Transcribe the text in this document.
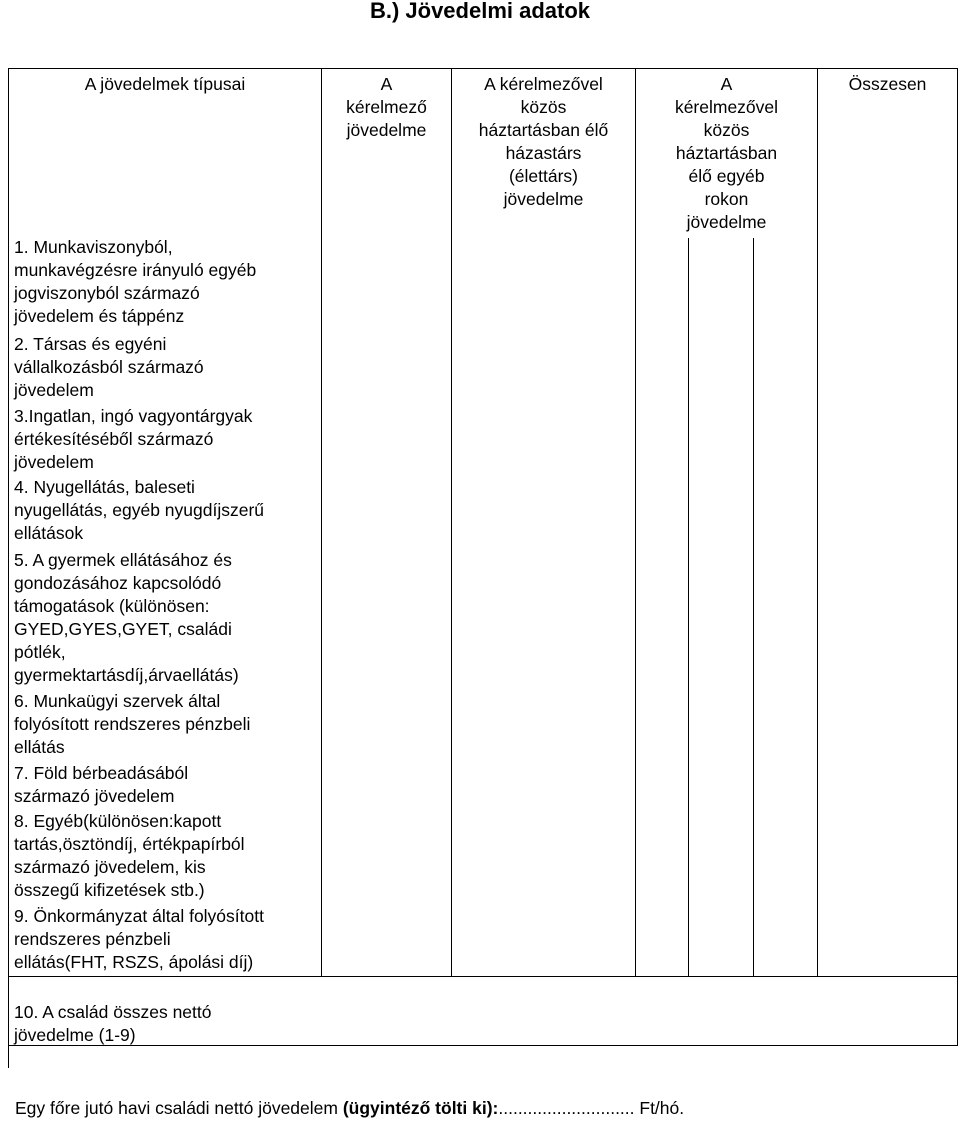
B.) Jövedelmi adatok
A jövedelmek típusai	A
kérelmező
jövedelme
A kérelmezővel
közös
háztartásban élő
házastárs
(élettárs)
jövedelme
A
kérelmezővel
közös
háztartásban
élő egyéb
rokon
jövedelme
Összesen
1. Munkaviszonyból,
munkavégzésre irányuló egyéb
jogviszonyból származó
jövedelem és táppénz
2. Társas és egyéni
vállalkozásból származó
jövedelem
3.Ingatlan, ingó vagyontárgyak
értékesítéséből származó
jövedelem
4. Nyugellátás, baleseti
nyugellátás, egyéb nyugdíjszerű
ellátások
5. A gyermek ellátásához és
gondozásához kapcsolódó
támogatások (különösen:
GYED,GYES,GYET, családi
pótlék,
gyermektartásdíj,árvaellátás)
6. Munkaügyi szervek által
folyósított rendszeres pénzbeli
ellátás
7. Föld bérbeadásából
származó jövedelem
8. Egyéb(különösen:kapott
tartás,ösztöndíj, értékpapírból
származó jövedelem, kis
összegű kifizetések stb.)
9. Önkormányzat által folyósított
rendszeres pénzbeli
ellátás(FHT, RSZS, ápolási díj)
10. A család összes nettó
jövedelme (1-9)
Egy főre jutó havi családi nettó jövedelem (ügyintéző tölti ki):............................ Ft/hó.
